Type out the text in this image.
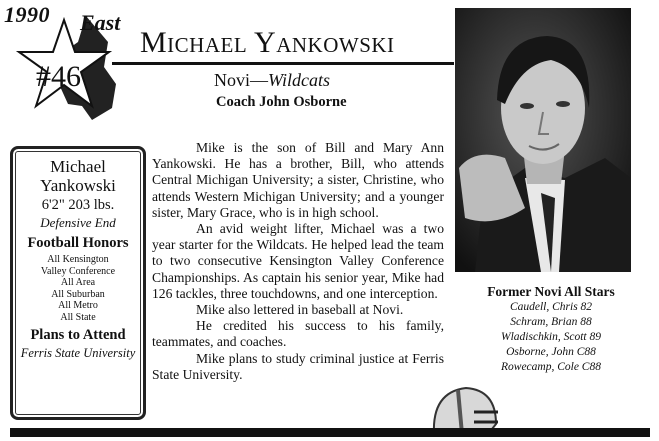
1990 East
#46
Michael Yankowski
Novi—Wildcats
Coach John Osborne
Michael
Yankowski
6'2" 203 lbs.
Defensive End
Football Honors
All Kensington
Valley Conference
All Area
All Suburban
All Metro
All State
Plans to Attend
Ferris State University

Mike is the son of Bill and Mary Ann Yankowski. He has a brother, Bill, who attends Central Michigan University; a sister, Christine, who attends Western Michigan University; and a younger sister, Mary Grace, who is in high school.

An avid weight lifter, Michael was a two year starter for the Wildcats. He helped lead the team to two consecutive Kensington Valley Conference Championships. As captain his senior year, Mike had 126 tackles, three touchdowns, and one interception.

Mike also lettered in baseball at Novi.

He credited his success to his family, teammates, and coaches.

Mike plans to study criminal justice at Ferris State University.

Former Novi All Stars
Caudell, Chris 82
Schram, Brian 88
Wladischkin, Scott 89
Osborne, John C88
Rowecamp, Cole C88
